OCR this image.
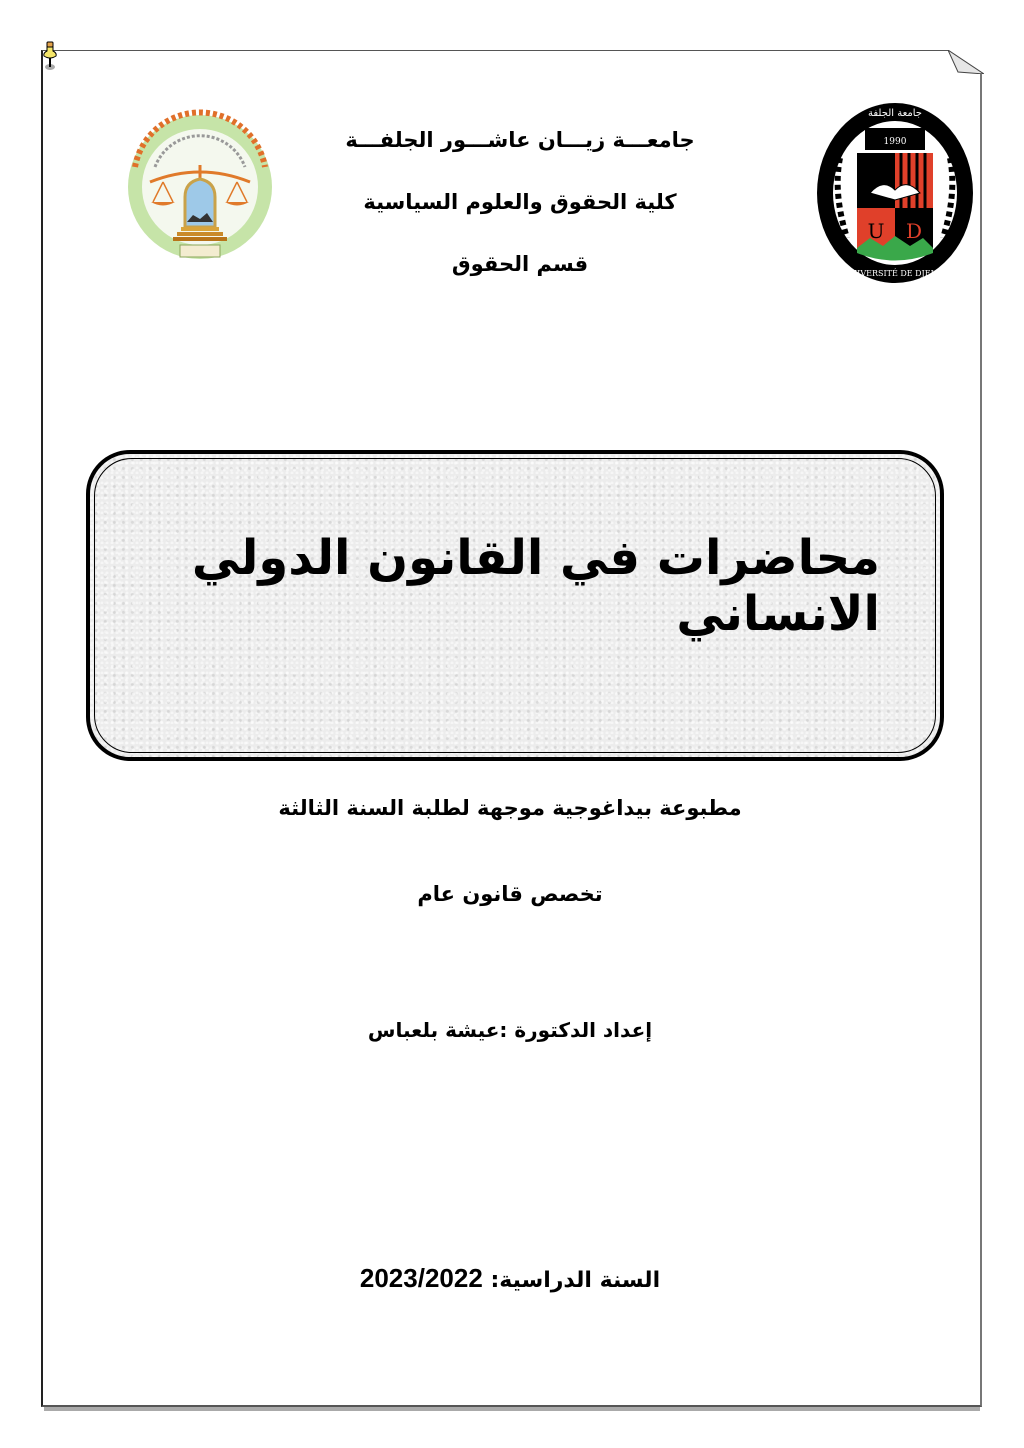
1990
U D
جامعة الجلفة
UNIVERSITÉ DE DJELFA
جامعـــة زيـــان عاشـــور الجلفـــة
كلية الحقوق والعلوم السياسية
قسم الحقوق
محاضرات في القانون الدولي الانساني
مطبوعة بيداغوجية موجهة لطلبة السنة الثالثة
تخصص قانون عام
إعداد الدكتورة :عيشة بلعباس
السنة الدراسية: 2023/2022
